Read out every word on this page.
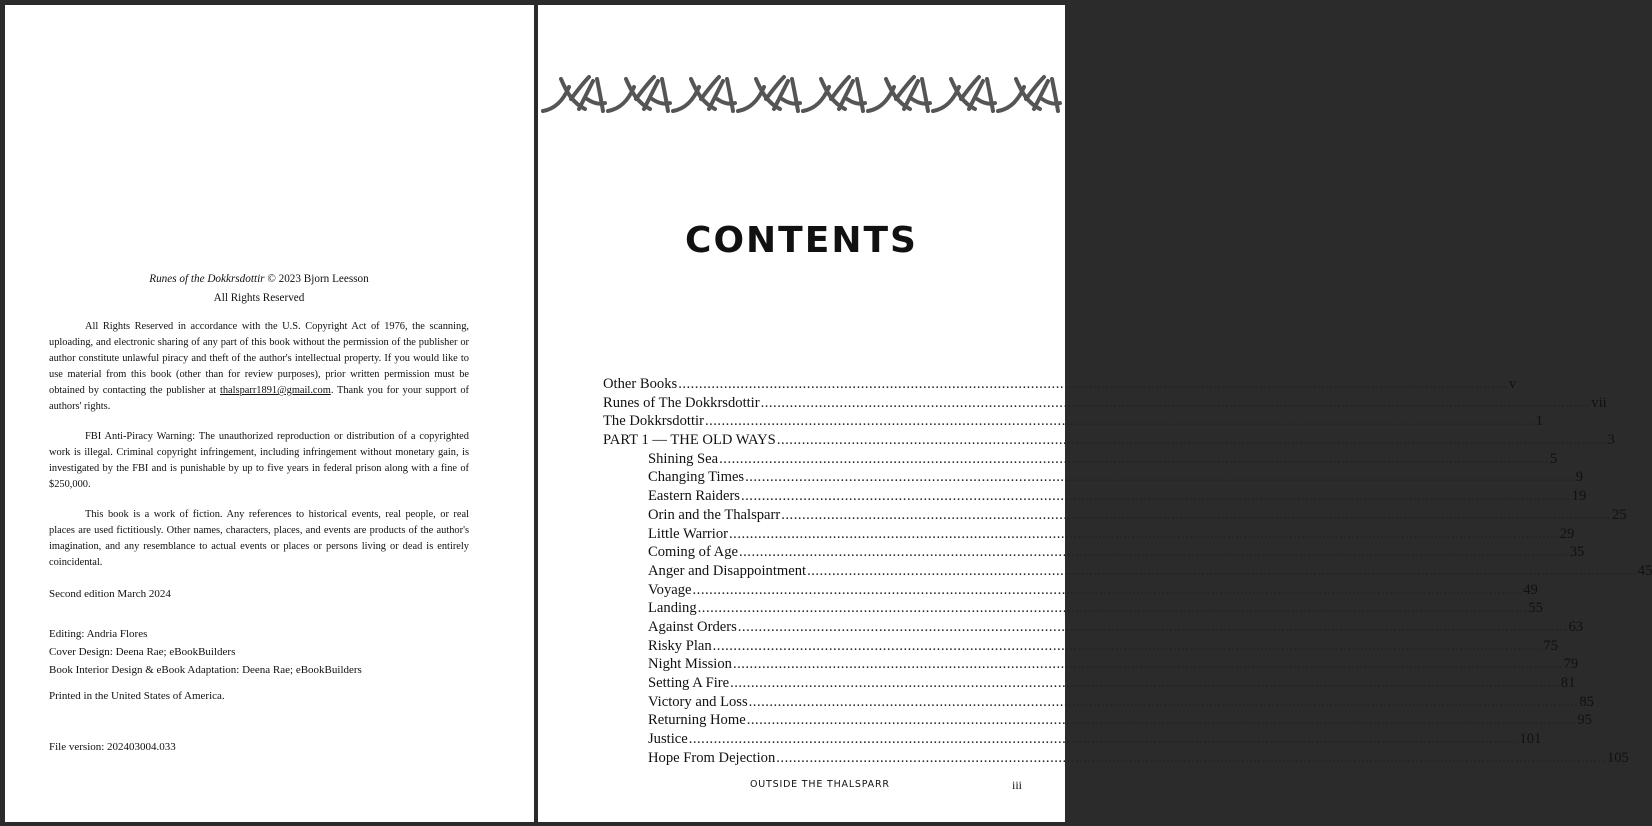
Runes of the Dokkrsdottir © 2023 Bjorn Leesson
All Rights Reserved

All Rights Reserved in accordance with the U.S. Copyright Act of 1976, the scanning, uploading, and electronic sharing of any part of this book without the permission of the publisher or author constitute unlawful piracy and theft of the author's intellectual property. If you would like to use material from this book (other than for review purposes), prior written permission must be obtained by contacting the publisher at thalsparr1891@gmail.com. Thank you for your support of authors' rights.

FBI Anti-Piracy Warning: The unauthorized reproduction or distribution of a copyrighted work is illegal. Criminal copyright infringement, including infringement without monetary gain, is investigated by the FBI and is punishable by up to five years in federal prison along with a fine of $250,000.

This book is a work of fiction. Any references to historical events, real people, or real places are used fictitiously. Other names, characters, places, and events are products of the author's imagination, and any resemblance to actual events or places or persons living or dead is entirely coincidental.

Second edition March 2024

Editing: Andria Flores

Cover Design: Deena Rae; eBookBuilders

Book Interior Design & eBook Adaptation: Deena Rae; eBookBuilders

Printed in the United States of America.

File version: 202403004.033

CONTENTS
Other Books ........................................................................................................................................................................................................ v
Runes of The Dokkrsdottir ........................................................................................................................................................................................................ vii
The Dokkrsdottir ........................................................................................................................................................................................................ 1
PART 1 — THE OLD WAYS ........................................................................................................................................................................................................ 3
Shining Sea ........................................................................................................................................................................................................ 5
Changing Times ........................................................................................................................................................................................................ 9
Eastern Raiders ........................................................................................................................................................................................................ 19
Orin and the Thalsparr ........................................................................................................................................................................................................ 25
Little Warrior ........................................................................................................................................................................................................ 29
Coming of Age ........................................................................................................................................................................................................ 35
Anger and Disappointment ........................................................................................................................................................................................................ 45
Voyage ........................................................................................................................................................................................................ 49
Landing ........................................................................................................................................................................................................ 55
Against Orders ........................................................................................................................................................................................................ 63
Risky Plan ........................................................................................................................................................................................................ 75
Night Mission ........................................................................................................................................................................................................ 79
Setting A Fire ........................................................................................................................................................................................................ 81
Victory and Loss ........................................................................................................................................................................................................ 85
Returning Home ........................................................................................................................................................................................................ 95
Justice ........................................................................................................................................................................................................ 101
Hope From Dejection ........................................................................................................................................................................................................ 105
OUTSIDE THE THALSPARR	iii
